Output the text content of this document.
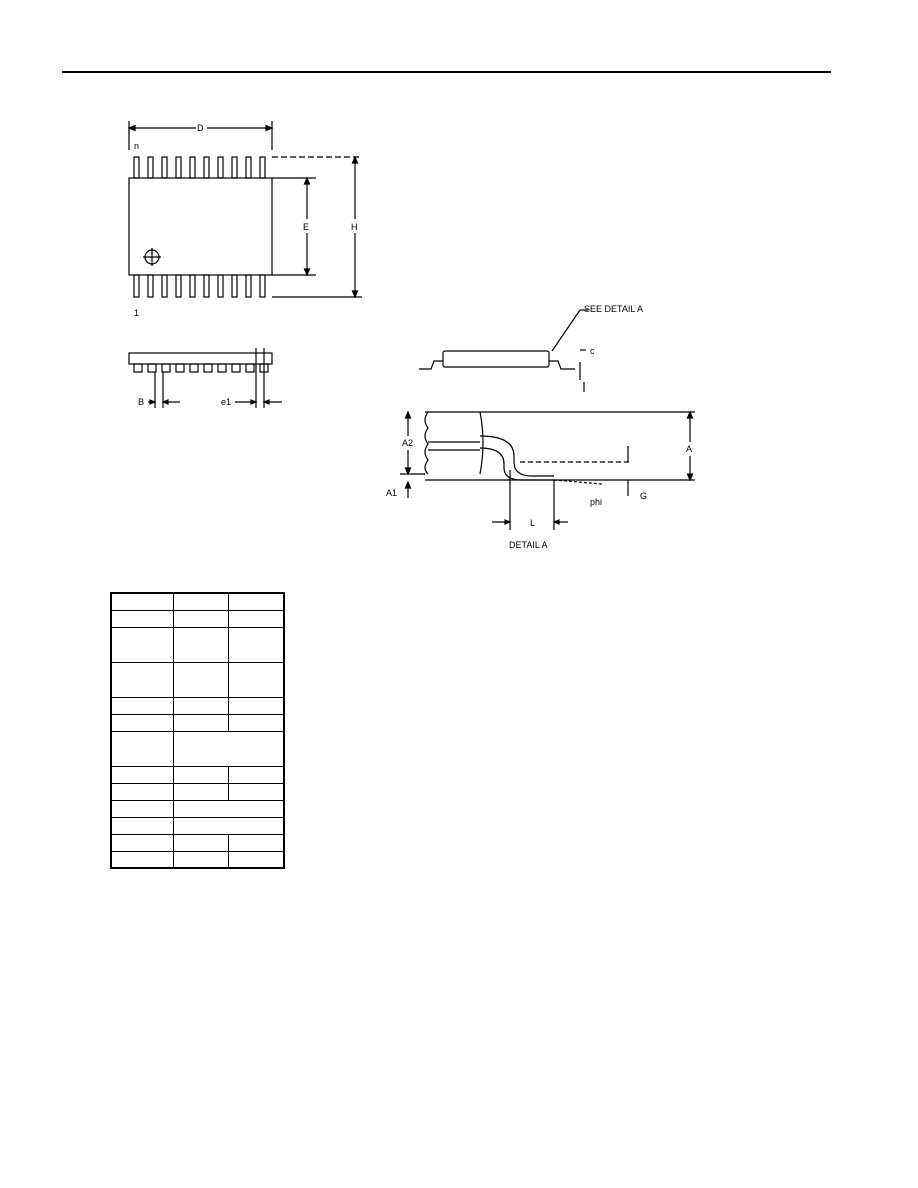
D
n
E	H
1
B	e1
SEE DETAIL A
c
A2
A
A1
L
phi
G
DETAIL A
